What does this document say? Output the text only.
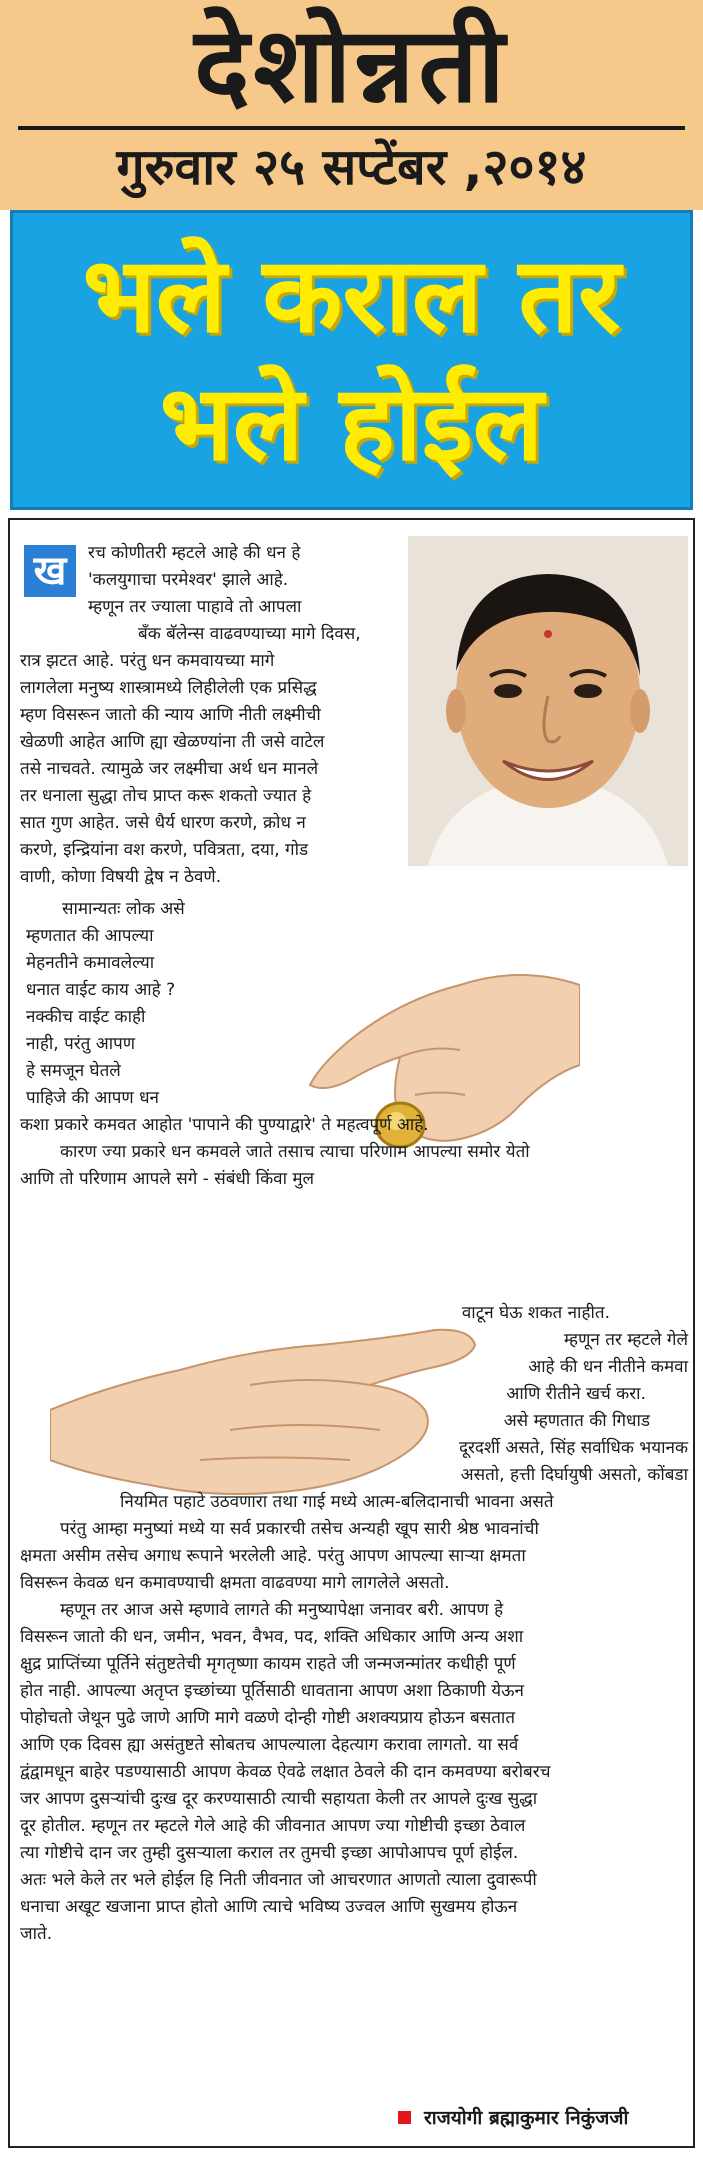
देशोन्नती
गुरुवार २५ सप्टेंबर ,२०१४
भले कराल तर
भले होईल
ख	रच कोणीतरी म्हटले आहे की धन हे
'कलयुगाचा परमेश्वर' झाले आहे.
म्हणून तर ज्याला पाहावे तो आपला
बॅंक बॅलेन्स वाढवण्याच्या मागे दिवस,
रात्र झटत आहे. परंतु धन कमवायच्या मागे
लागलेला मनुष्य शास्त्रामध्ये लिहीलेली एक प्रसिद्ध
म्हण विसरून जातो की न्याय आणि नीती लक्ष्मीची
खेळणी आहेत आणि ह्या खेळण्यांना ती जसे वाटेल
तसे नाचवते. त्यामुळे जर लक्ष्मीचा अर्थ धन मानले
तर धनाला सुद्धा तोच प्राप्त करू शकतो ज्यात हे
सात गुण आहेत. जसे धैर्य धारण करणे, क्रोध न
करणे, इन्द्रियांना वश करणे, पवित्रता, दया, गोड
वाणी, कोणा विषयी द्वेष न ठेवणे.
सामान्यतः लोक असे
म्हणतात की आपल्या
मेहनतीने कमावलेल्या
धनात वाईट काय आहे ?
नक्कीच वाईट काही
नाही, परंतु आपण
हे समजून घेतले
पाहिजे की आपण धन
कशा प्रकारे कमवत आहोत 'पापाने की पुण्याद्वारे' ते महत्वपूर्ण आहे.
कारण ज्या प्रकारे धन कमवले जाते तसाच त्याचा परिणाम आपल्या समोर येतो
आणि तो परिणाम आपले सगे - संबंधी किंवा मुल
वाटून घेऊ शकत नाहीत.
म्हणून तर म्हटले गेले
आहे की धन नीतीने कमवा
आणि रीतीने खर्च करा.
असे म्हणतात की गिधाड
दूरदर्शी असते, सिंह सर्वाधिक भयानक
असतो, हत्ती दिर्घायुषी असतो, कोंबडा
नियमित पहाटे उठवणारा तथा गाई मध्ये आत्म-बलिदानाची भावना असते
परंतु आम्हा मनुष्यां मध्ये या सर्व प्रकारची तसेच अन्यही खूप सारी श्रेष्ठ भावनांची
क्षमता असीम तसेच अगाध रूपाने भरलेली आहे. परंतु आपण आपल्या साऱ्या क्षमता
विसरून केवळ धन कमावण्याची क्षमता वाढवण्या मागे लागलेले असतो.
म्हणून तर आज असे म्हणावे लागते की मनुष्यापेक्षा जनावर बरी. आपण हे
विसरून जातो की धन, जमीन, भवन, वैभव, पद, शक्ति अधिकार आणि अन्य अशा
क्षुद्र प्राप्तिंच्या पूर्तिने संतुष्टतेची मृगतृष्णा कायम राहते जी जन्मजन्मांतर कधीही पूर्ण
होत नाही. आपल्या अतृप्त इच्छांच्या पूर्तिसाठी धावताना आपण अशा ठिकाणी येऊन
पोहोचतो जेथून पुढे जाणे आणि मागे वळणे दोन्ही गोष्टी अशक्यप्राय होऊन बसतात
आणि एक दिवस ह्या असंतुष्टते सोबतच आपल्याला देहत्याग करावा लागतो. या सर्व
द्वंद्वामधून बाहेर पडण्यासाठी आपण केवळ ऐवढे लक्षात ठेवले की दान कमवण्या बरोबरच
जर आपण दुसऱ्यांची दुःख दूर करण्यासाठी त्याची सहायता केली तर आपले दुःख सुद्धा
दूर होतील. म्हणून तर म्हटले गेले आहे की जीवनात आपण ज्या गोष्टीची इच्छा ठेवाल
त्या गोष्टीचे दान जर तुम्ही दुसऱ्याला कराल तर तुमची इच्छा आपोआपच पूर्ण होईल.
अतः भले केले तर भले होईल हि निती जीवनात जो आचरणात आणतो त्याला दुवारूपी
धनाचा अखूट खजाना प्राप्त होतो आणि त्याचे भविष्य उज्वल आणि सुखमय होऊन
जाते.
राजयोगी ब्रह्माकुमार निकुंजजी
